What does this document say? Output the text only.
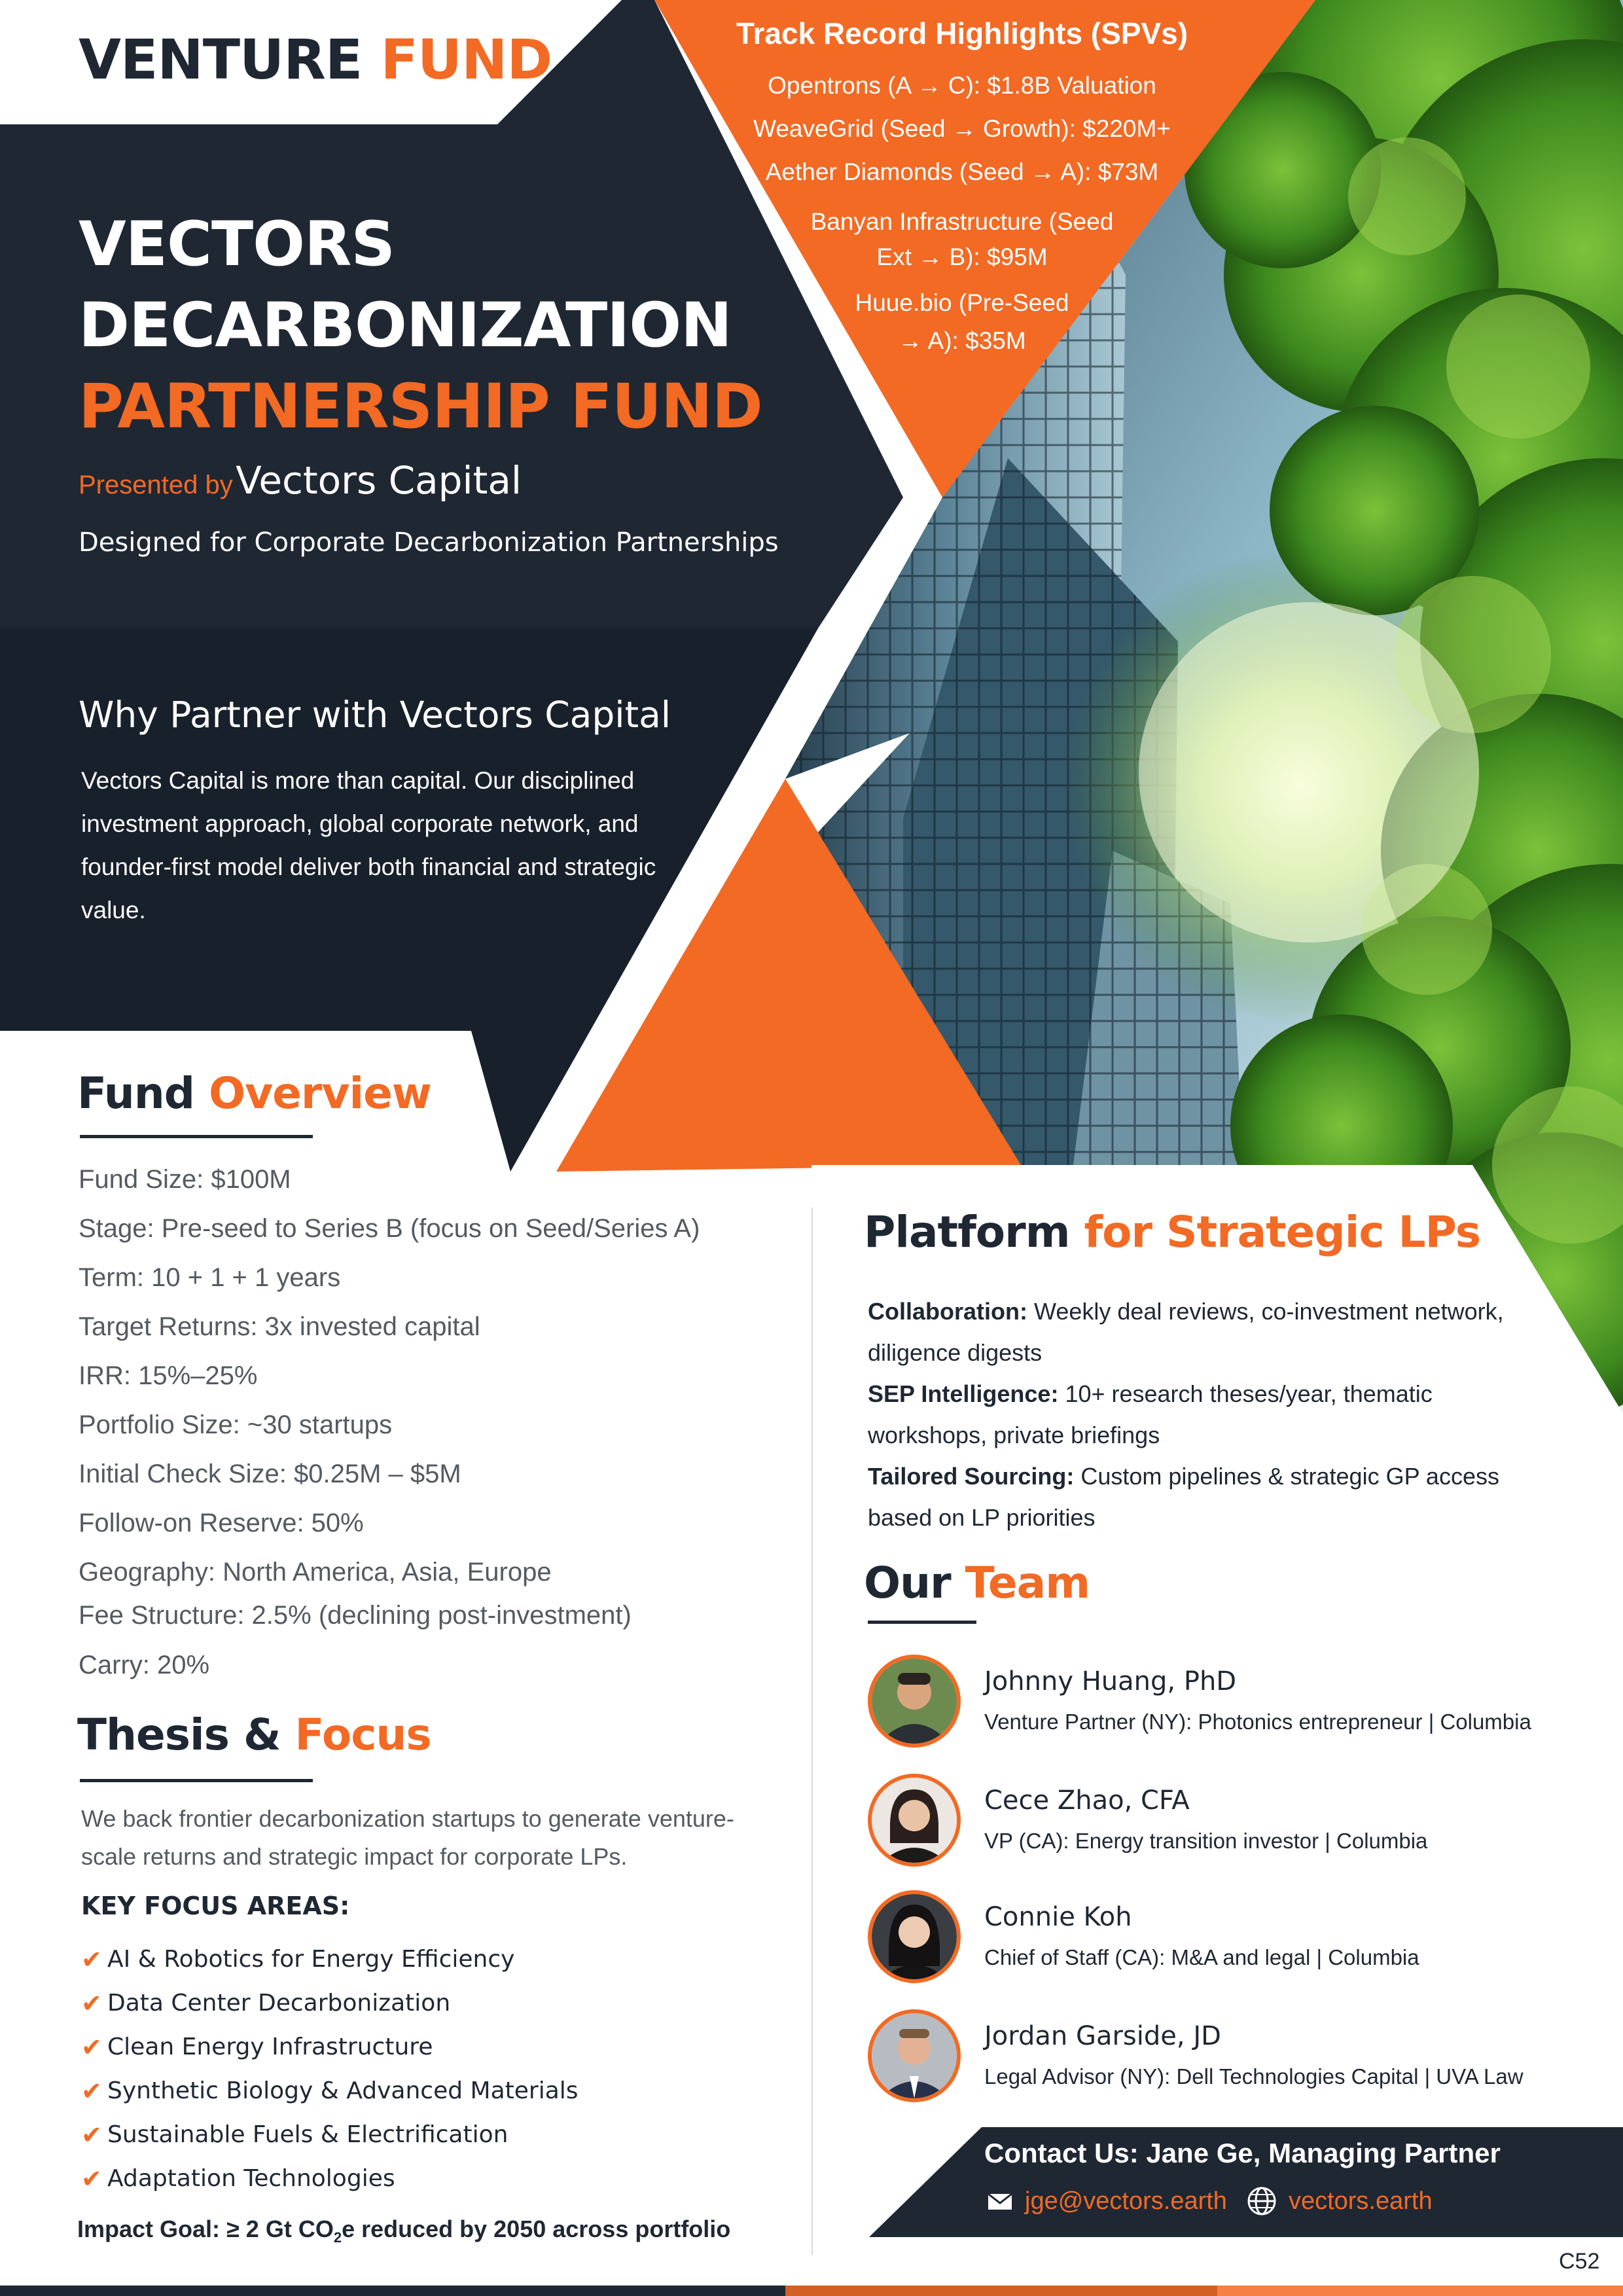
VENTURE FUND	Track Record Highlights (SPVs)
Opentrons (A → C): $1.8B Valuation
WeaveGrid (Seed → Growth): $220M+
Aether Diamonds (Seed → A): $73M
Banyan Infrastructure (Seed
Ext → B): $95M
Huue.bio (Pre-Seed
→ A): $35M
VECTORS
DECARBONIZATION
PARTNERSHIP FUND
Presented by Vectors Capital
Designed for Corporate Decarbonization Partnerships
Why Partner with Vectors Capital
Vectors Capital is more than capital. Our disciplined investment approach, global corporate network, and founder-first model deliver both financial and strategic value.
Fund Overview
Fund Size: $100M
Stage: Pre-seed to Series B (focus on Seed/Series A)
Term: 10 + 1 + 1 years
Target Returns: 3x invested capital
IRR: 15%–25%
Portfolio Size: ~30 startups
Initial Check Size: $0.25M – $5M
Follow-on Reserve: 50%
Geography: North America, Asia, Europe
Fee Structure: 2.5% (declining post-investment)
Carry: 20%
Thesis & Focus
We back frontier decarbonization startups to generate venture-scale returns and strategic impact for corporate LPs.
KEY FOCUS AREAS:
✔ AI & Robotics for Energy Efficiency
✔ Data Center Decarbonization
✔ Clean Energy Infrastructure
✔ Synthetic Biology & Advanced Materials
✔ Sustainable Fuels & Electrification
✔ Adaptation Technologies
Impact Goal: ≥ 2 Gt $CO_2e$ reduced by 2050 across portfolio
Platform for Strategic LPs
Collaboration: Weekly deal reviews, co-investment network, diligence digests
SEP Intelligence: 10+ research theses/year, thematic workshops, private briefings
Tailored Sourcing: Custom pipelines & strategic GP access based on LP priorities
Our Team
Johnny Huang, PhD
Venture Partner (NY): Photonics entrepreneur | Columbia
Cece Zhao, CFA
VP (CA): Energy transition investor | Columbia
Connie Koh
Chief of Staff (CA): M&A and legal | Columbia
Jordan Garside, JD
Legal Advisor (NY): Dell Technologies Capital | UVA Law
Contact Us: Jane Ge, Managing Partner
jge@vectors.earth vectors.earth
C52
